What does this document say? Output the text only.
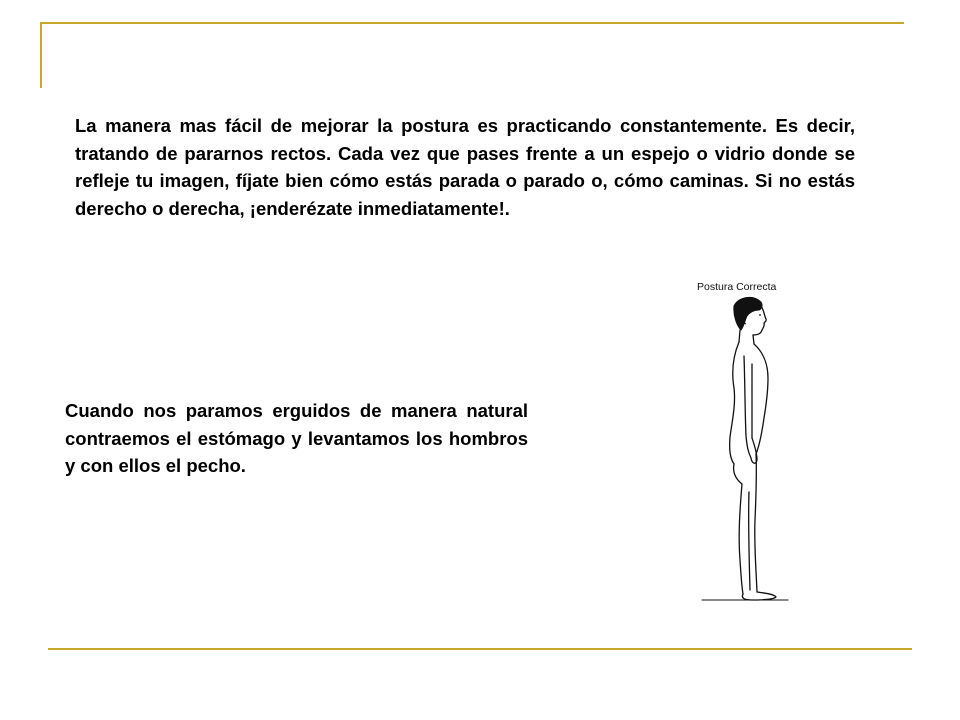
La manera mas fácil de mejorar la postura es practicando constantemente. Es decir, tratando de pararnos rectos. Cada vez que pases frente a un espejo o vidrio donde se refleje tu imagen, fíjate bien cómo estás parada o parado o, cómo caminas. Si no estás derecho o derecha, ¡enderézate inmediatamente!.

Cuando nos paramos erguidos de manera natural contraemos el estómago y levantamos los hombros y con ellos el pecho.

Postura Correcta
